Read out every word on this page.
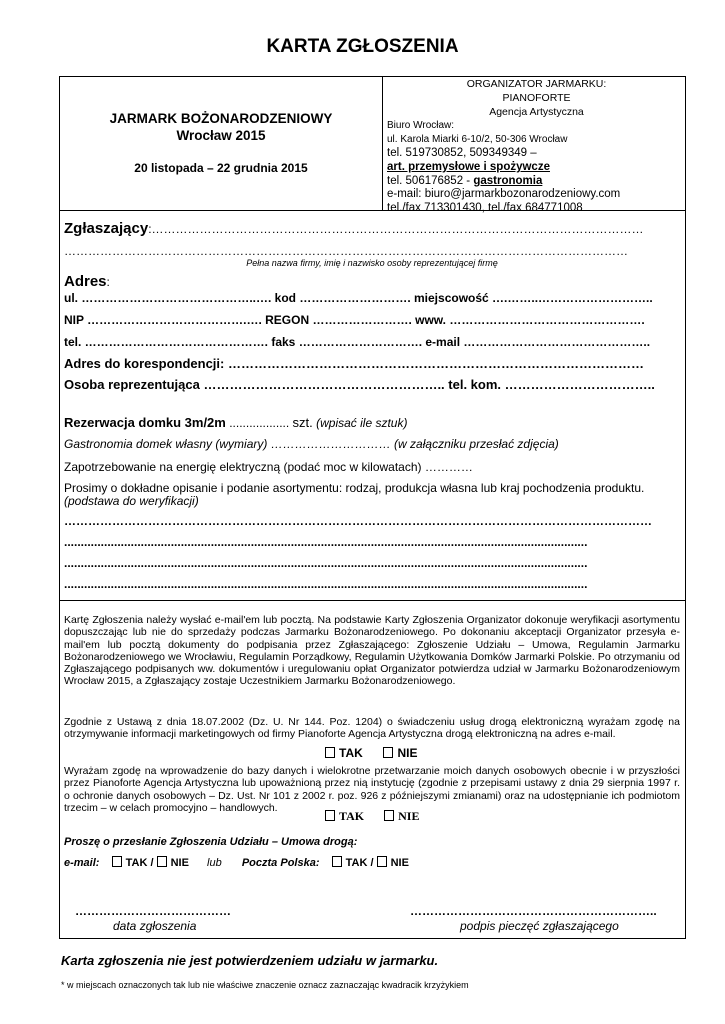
KARTA ZGŁOSZENIA
JARMARK BOŻONARODZENIOWY
Wrocław 2015
20 listopada – 22 grudnia 2015
ORGANIZATOR JARMARKU:
PIANOFORTE
Agencja Artystyczna
Biuro Wrocław:
ul. Karola Miarki 6-10/2, 50-306 Wrocław
tel. 519730852, 509349349 –
art. przemysłowe i spożywcze
tel. 506176852 - gastronomia
e-mail: biuro@jarmarkbozonarodzeniowy.com
tel./fax 713301430, tel./fax 684771008
Zgłaszający:……………………………………………………………………………………………………………
……………………………………………………………………………………………………………………………
Pełna nazwa firmy, imię i nazwisko osoby reprezentującej firmę
Adres:
ul. ……………………………………..…. kod ………………………. miejscowość ….……..………………………..
NIP ………………………………….…. REGON ……………………. www. ………………………………………….
tel. ………………………………………. faks …………………………. e-mail ………………………………………..
Adres do korespondencji: ……………………………………………………………………………………
Osoba reprezentująca ……………………………………………….. tel. kom. ……………………………..
Rezerwacja domku 3m/2m .................. szt. (wpisać ile sztuk)
Gastronomia domek własny (wymiary) ………………………… (w załączniku przesłać zdjęcia)
Zapotrzebowanie na energię elektryczną (podać moc w kilowatach) …………
Prosimy o dokładne opisanie i podanie asortymentu: rodzaj, produkcja własna lub kraj pochodzenia produktu.
(podstawa do weryfikacji)
…………………………………………………………………………………………………………………………………
.............................................................................................................................................................
.............................................................................................................................................................
.............................................................................................................................................................
Kartę Zgłoszenia należy wysłać e-mail'em lub pocztą. Na podstawie Karty Zgłoszenia Organizator dokonuje weryfikacji asortymentu dopuszczając lub nie do sprzedaży podczas Jarmarku Bożonarodzeniowego. Po dokonaniu akceptacji Organizator przesyła e-mail'em lub pocztą dokumenty do podpisania przez Zgłaszającego: Zgłoszenie Udziału – Umowa, Regulamin Jarmarku Bożonarodzeniowego we Wrocławiu, Regulamin Porządkowy, Regulamin Użytkowania Domków Jarmarki Polskie. Po otrzymaniu od Zgłaszającego podpisanych ww. dokumentów i uregulowaniu opłat Organizator potwierdza udział w Jarmarku Bożonarodzeniowym Wrocław 2015, a Zgłaszający zostaje Uczestnikiem Jarmarku Bożonarodzeniowego.
Zgodnie z Ustawą z dnia 18.07.2002 (Dz. U. Nr 144. Poz. 1204) o świadczeniu usług drogą elektroniczną wyrażam zgodę na otrzymywanie informacji marketingowych od firmy Pianoforte Agencja Artystyczna drogą elektroniczną na adres e-mail.
TAK	NIE
Wyrażam zgodę na wprowadzenie do bazy danych i wielokrotne przetwarzanie moich danych osobowych obecnie i w przyszłości przez Pianoforte Agencja Artystyczna lub upoważnioną przez nią instytucję (zgodnie z przepisami ustawy z dnia 29 sierpnia 1997 r. o ochronie danych osobowych – Dz. Ust. Nr 101 z 2002 r. poz. 926 z późniejszymi zmianami) oraz na udostępnianie ich podmiotom trzecim – w celach promocyjno – handlowych.
TAK	NIE
Proszę o przesłanie Zgłoszenia Udziału – Umowa drogą:
e-mail: TAK / NIE lub Poczta Polska: TAK / NIE
…………………………………
data zgłoszenia
……………………………………………………..
podpis pieczęć zgłaszającego
Karta zgłoszenia nie jest potwierdzeniem udziału w jarmarku.
* w miejscach oznaczonych tak lub nie właściwe znaczenie oznacz zaznaczając kwadracik krzyżykiem
